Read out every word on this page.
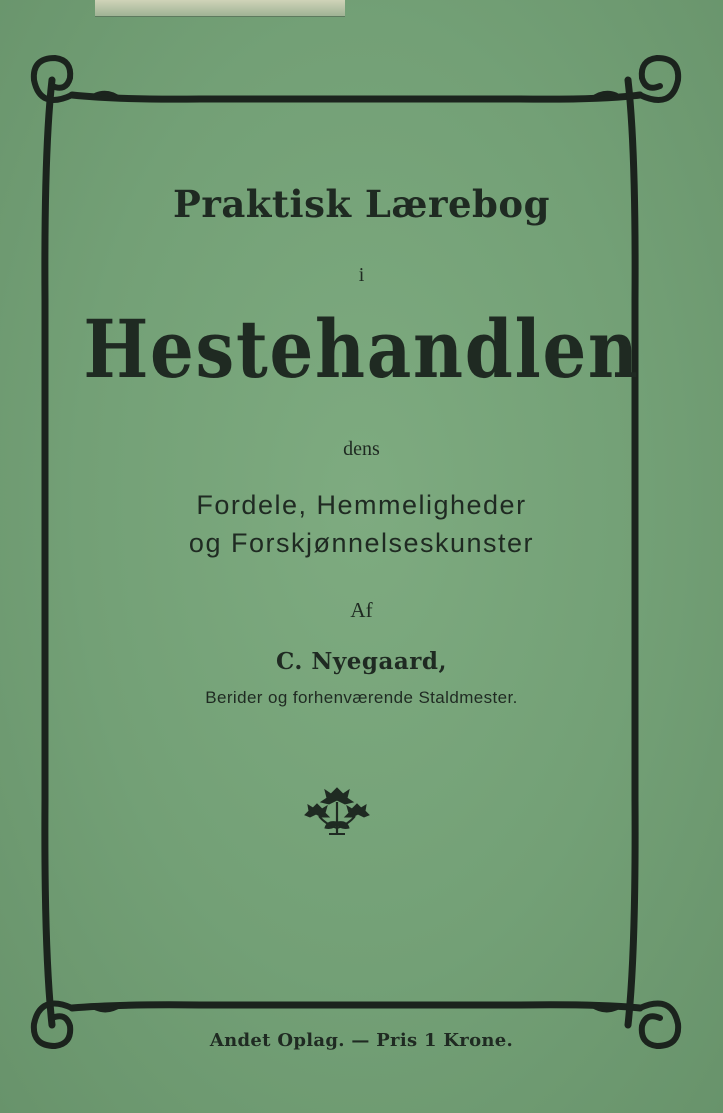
Praktisk Lærebog
i
Hestehandlen
dens
Fordele, Hemmeligheder
og Forskjønnelseskunster
Af
C. Nyegaard,
Berider og forhenværende Staldmester.
Andet Oplag. — Pris 1 Krone.
